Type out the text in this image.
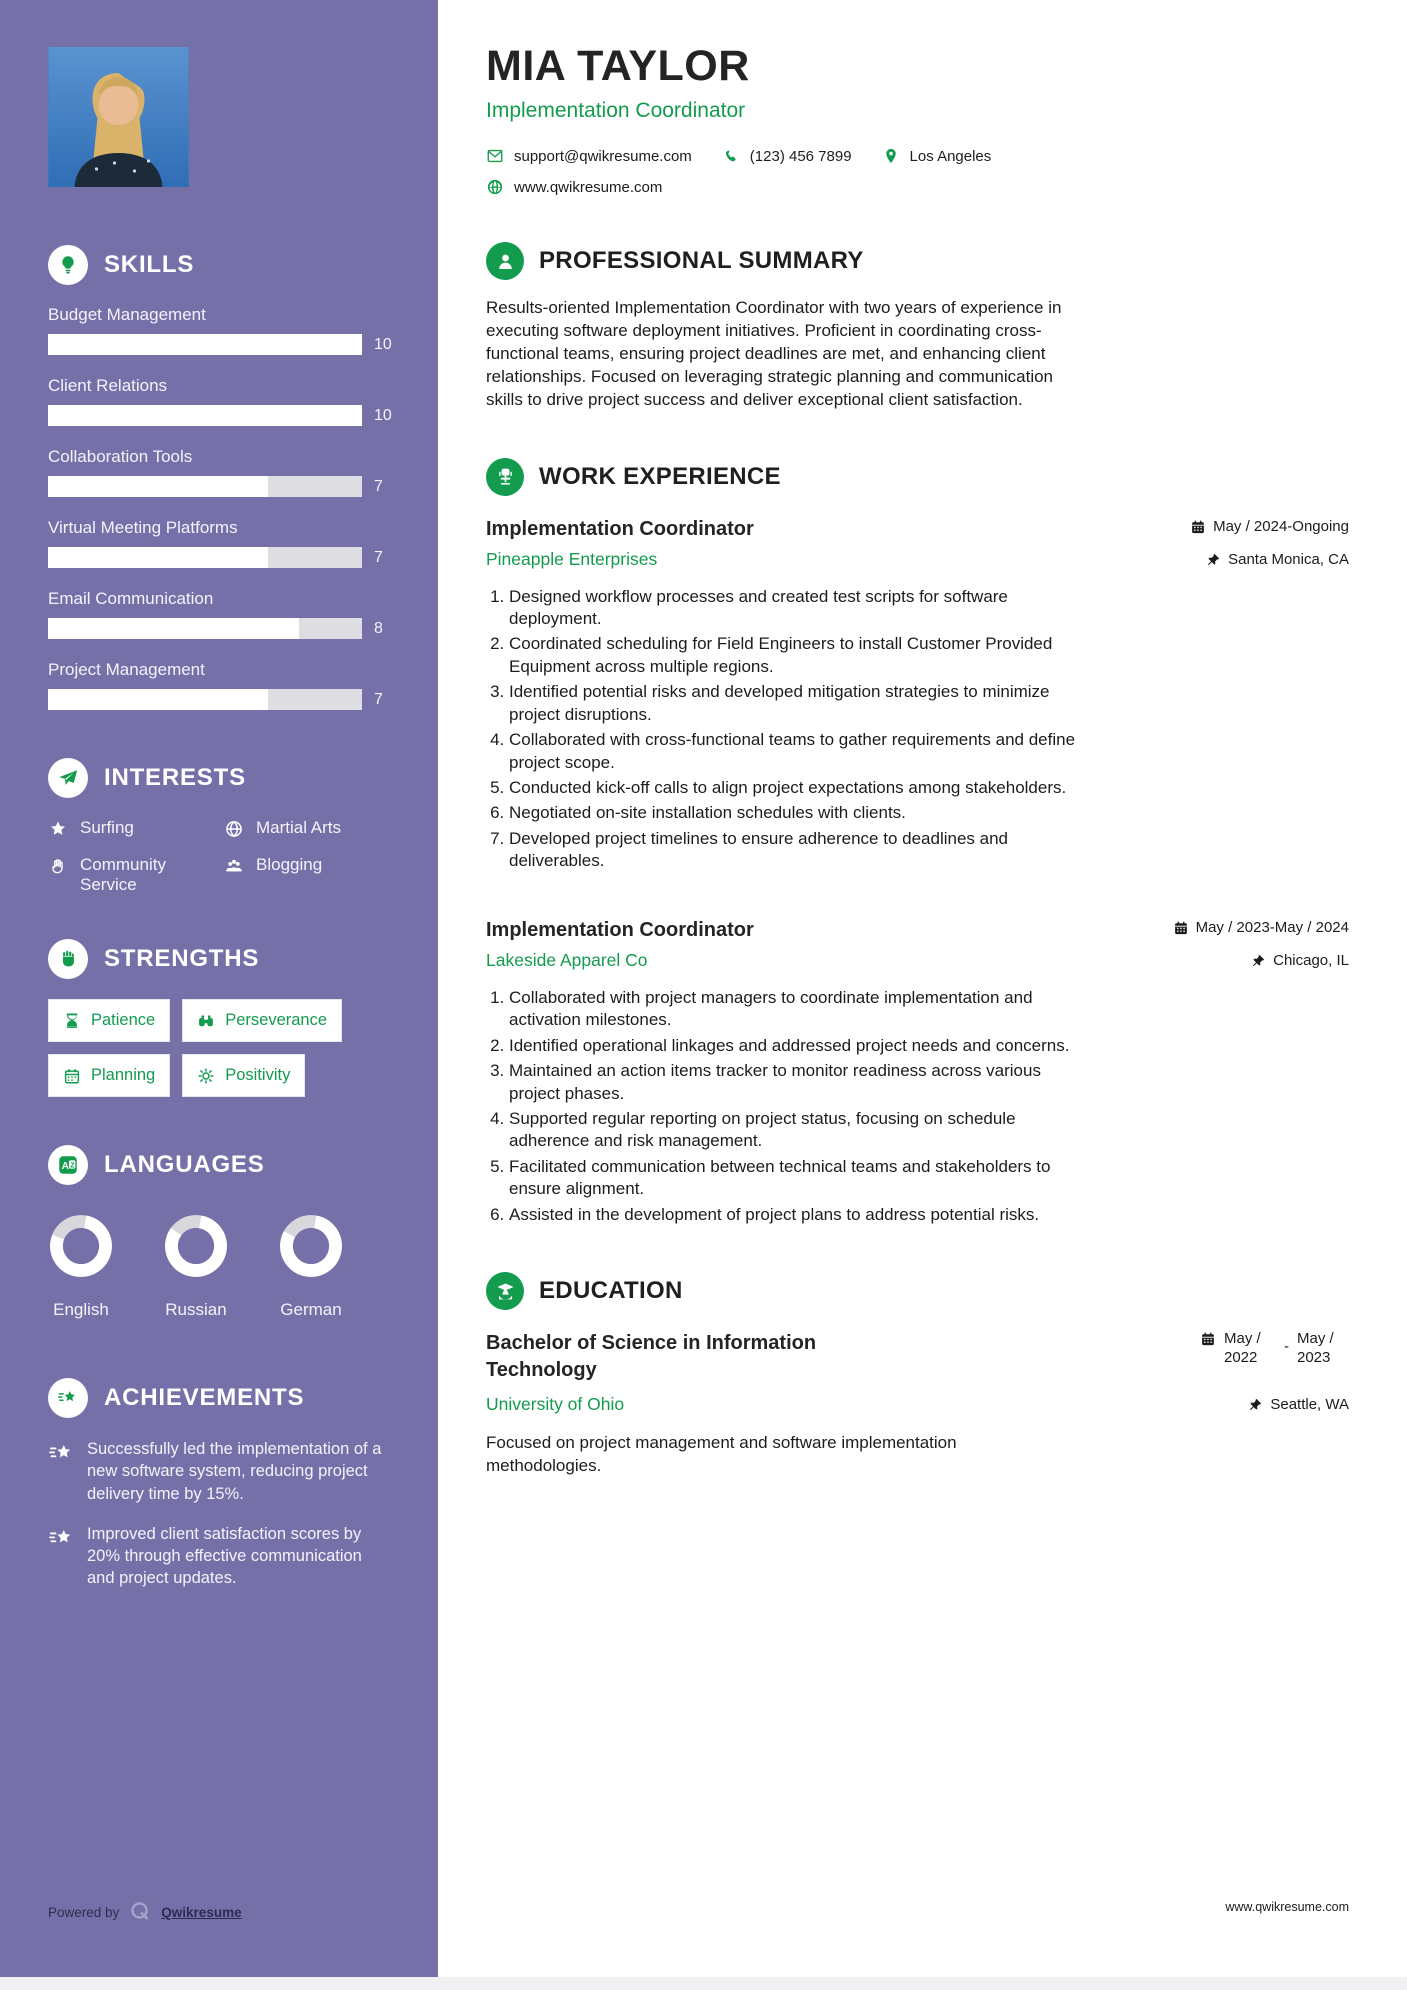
SKILLS
Budget Management
10
Client Relations
10
Collaboration Tools
7
Virtual Meeting Platforms
7
Email Communication
8
Project Management
7
INTERESTS
Surfing	Martial Arts
Community Service
Blogging
STRENGTHS
Patience	Perseverance
Planning	Positivity
A Z LANGUAGES
English	Russian	German
ACHIEVEMENTS
Successfully led the implementation of a new software system, reducing project delivery time by 15%.
Improved client satisfaction scores by 20% through effective communication and project updates.
Powered by	Qwikresume
MIA TAYLOR
Implementation Coordinator
support@qwikresume.com	(123) 456 7899	Los Angeles
www.qwikresume.com
PROFESSIONAL SUMMARY

Results-oriented Implementation Coordinator with two years of experience in executing software deployment initiatives. Proficient in coordinating cross-functional teams, ensuring project deadlines are met, and enhancing client relationships. Focused on leveraging strategic planning and communication skills to drive project success and deliver exceptional client satisfaction.

WORK EXPERIENCE
Implementation Coordinator	May / 2024-Ongoing
Pineapple Enterprises	Santa Monica, CA
1. Designed workflow processes and created test scripts for software deployment.
2. Coordinated scheduling for Field Engineers to install Customer Provided Equipment across multiple regions.
3. Identified potential risks and developed mitigation strategies to minimize project disruptions.
4. Collaborated with cross-functional teams to gather requirements and define project scope.
5. Conducted kick-off calls to align project expectations among stakeholders.
6. Negotiated on-site installation schedules with clients.
7. Developed project timelines to ensure adherence to deadlines and deliverables.
Implementation Coordinator	May / 2023-May / 2024
Lakeside Apparel Co	Chicago, IL
1. Collaborated with project managers to coordinate implementation and activation milestones.
2. Identified operational linkages and addressed project needs and concerns.
3. Maintained an action items tracker to monitor readiness across various project phases.
4. Supported regular reporting on project status, focusing on schedule adherence and risk management.
5. Facilitated communication between technical teams and stakeholders to ensure alignment.
6. Assisted in the development of project plans to address potential risks.
EDUCATION
Bachelor of Science in Information Technology
May / 2022
- May / 2023
University of Ohio	Seattle, WA

Focused on project management and software implementation methodologies.

www.qwikresume.com
